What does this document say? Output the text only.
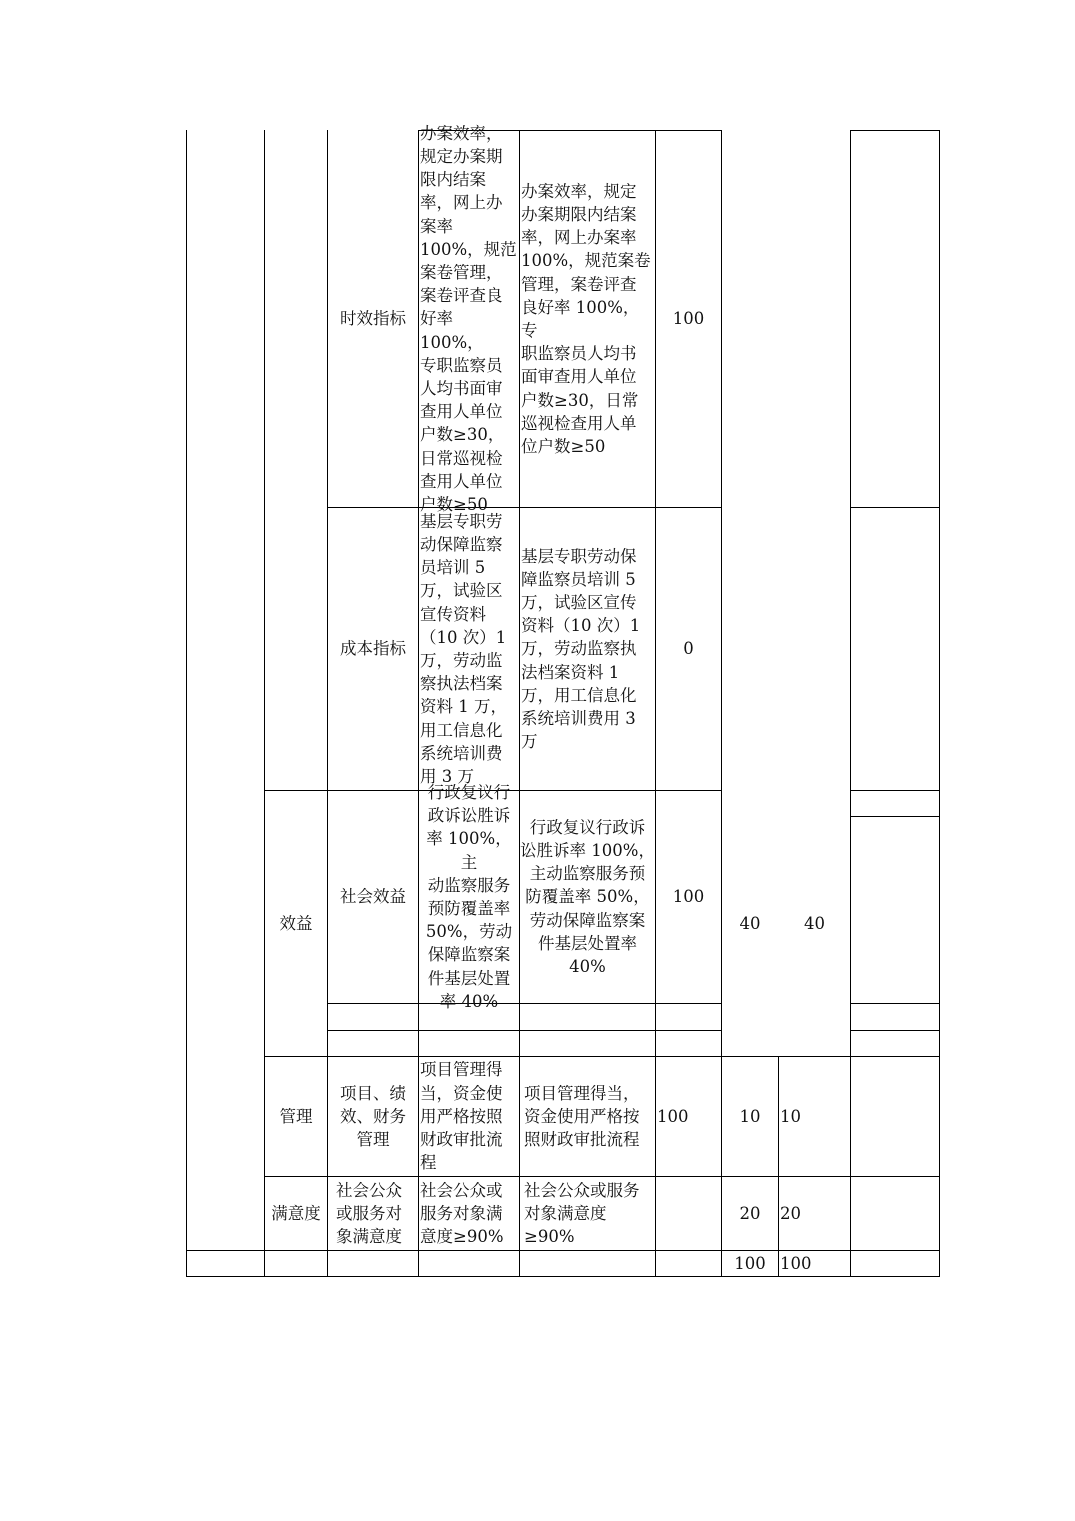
时效指标
办案效率，
规定办案期
限内结案
率，网上办
案率
100%，规范
案卷管理，
案卷评查良
好率 100%，
专职监察员
人均书面审
查用人单位
户数≥30，
日常巡视检
查用人单位
户数≥50
办案效率，规定
办案期限内结案
率，网上办案率
100%，规范案卷
管理，案卷评查
良好率 100%，专
职监察员人均书
面审查用人单位
户数≥30，日常
巡视检查用人单
位户数≥50
100
成本指标
基层专职劳
动保障监察
员培训 5
万，试验区
宣传资料
（10 次）1
万，劳动监
察执法档案
资料 1 万，
用工信息化
系统培训费
用 3 万
基层专职劳动保
障监察员培训 5
万，试验区宣传
资料（10 次）1
万，劳动监察执
法档案资料 1
万，用工信息化
系统培训费用 3
万
0
效益
社会效益
行政复议行
政诉讼胜诉
率 100%，主
动监察服务
预防覆盖率
50%，劳动
保障监察案
件基层处置
率 40%
行政复议行政诉
讼胜诉率 100%，
主动监察服务预
防覆盖率 50%，
劳动保障监察案
件基层处置率
40%
100
40	40
管理
项目、绩
效、财务
管理
项目管理得
当，资金使
用严格按照
财政审批流
程
项目管理得当，
资金使用严格按
照财政审批流程
100	10 10
满意度
社会公众
或服务对
象满意度
社会公众或
服务对象满
意度≥90%
社会公众或服务
对象满意度≥90%
20 20
100 100
